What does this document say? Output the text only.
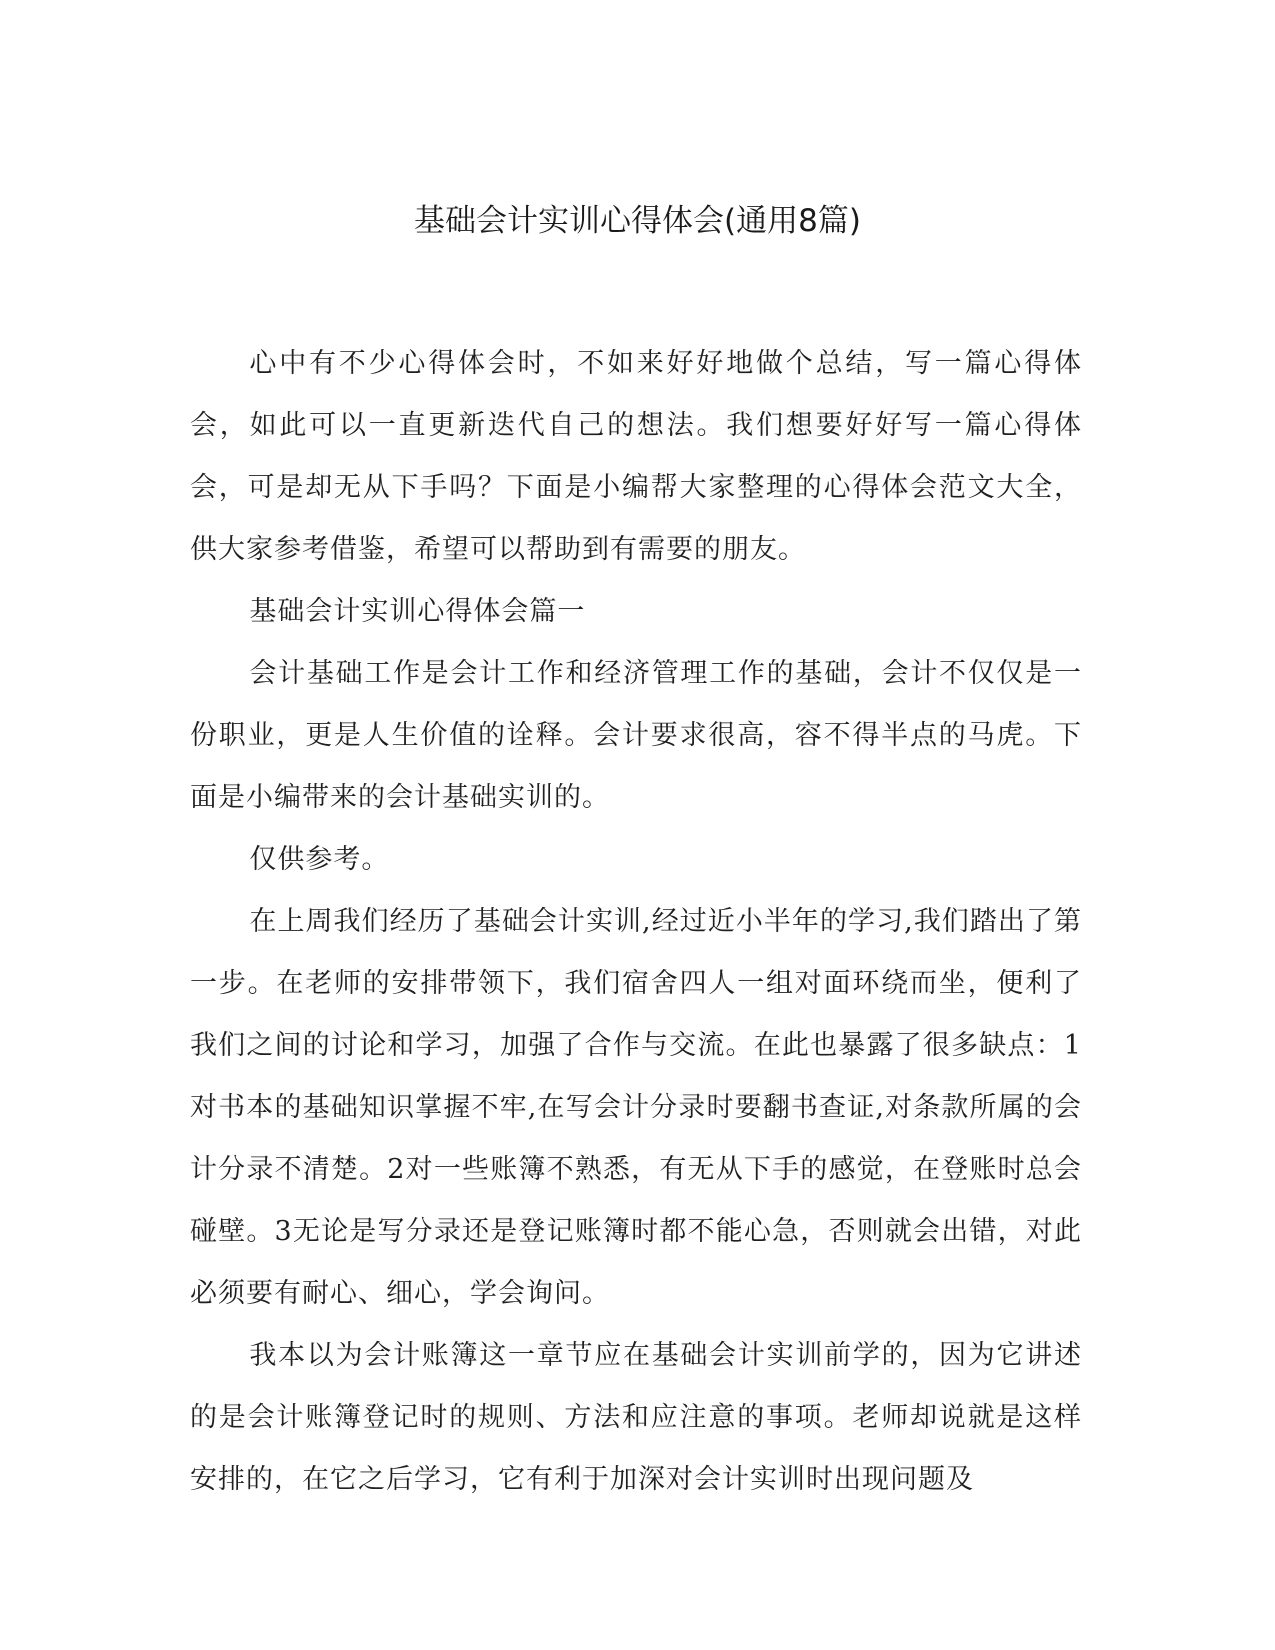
基础会计实训心得体会(通用8篇)

心中有不少心得体会时，不如来好好地做个总结，写一篇心得体会，如此可以一直更新迭代自己的想法。我们想要好好写一篇心得体会，可是却无从下手吗？下面是小编帮大家整理的心得体会范文大全，供大家参考借鉴，希望可以帮助到有需要的朋友。

基础会计实训心得体会篇一

会计基础工作是会计工作和经济管理工作的基础，会计不仅仅是一份职业，更是人生价值的诠释。会计要求很高，容不得半点的马虎。下面是小编带来的会计基础实训的。

仅供参考。

在上周我们经历了基础会计实训,经过近小半年的学习,我们踏出了第一步。在老师的安排带领下，我们宿舍四人一组对面环绕而坐，便利了我们之间的讨论和学习，加强了合作与交流。在此也暴露了很多缺点：1对书本的基础知识掌握不牢,在写会计分录时要翻书查证,对条款所属的会计分录不清楚。2对一些账簿不熟悉，有无从下手的感觉，在登账时总会碰壁。3无论是写分录还是登记账簿时都不能心急，否则就会出错，对此必须要有耐心、细心，学会询问。

我本以为会计账簿这一章节应在基础会计实训前学的，因为它讲述的是会计账簿登记时的规则、方法和应注意的事项。老师却说就是这样安排的，在它之后学习，它有利于加深对会计实训时出现问题及
